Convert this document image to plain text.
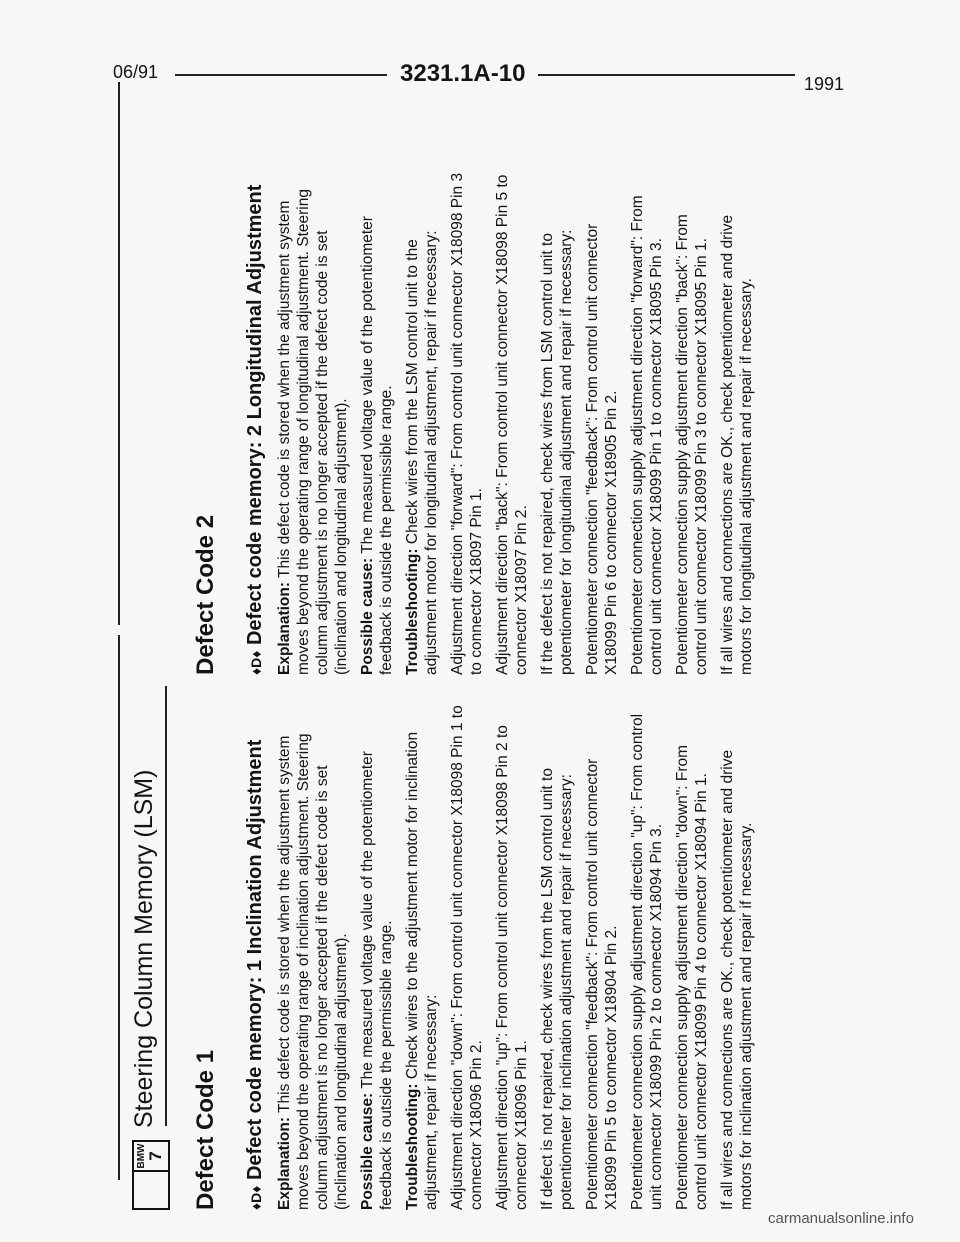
06/91	3231.1A-10	1991
BMW 7
Steering Column Memory (LSM)
Defect Code 1 ♦D♦ Defect code memory: 1 Inclination Adjustment Explanation: This defect code is stored when the adjustment system moves beyond the operating range of inclination adjustment. Steering column adjustment is no longer accepted if the defect code is set (inclination and longitudinal adjustment). Possible cause: The measured voltage value of the potentiometer feedback is outside the permissible range. Troubleshooting: Check wires to the adjustment motor for inclination adjustment, repair if necessary: Adjustment direction "down": From control unit connector X18098 Pin 1 to connector X18096 Pin 2. Adjustment direction "up": From control unit connector X18098 Pin 2 to connector X18096 Pin 1. If defect is not repaired, check wires from the LSM control unit to potentiometer for inclination adjustment and repair if necessary: Potentiometer connection "feedback": From control unit connector X18099 Pin 5 to connector X18904 Pin 2. Potentiometer connection supply adjustment direction "up": From control unit connector X18099 Pin 2 to connector X18094 Pin 3. Potentiometer connection supply adjustment direction "down": From control unit connector X18099 Pin 4 to connector X18094 Pin 1. If all wires and connections are OK., check potentiometer and drive motors for inclination adjustment and repair if necessary.

Defect Code 2 ♦D♦ Defect code memory: 2 Longitudinal Adjustment Explanation: This defect code is stored when the adjustment system moves beyond the operating range of longitudinal adjustment. Steering column adjustment is no longer accepted if the defect code is set (inclination and longitudinal adjustment). Possible cause: The measured voltage value of the potentiometer feedback is outside the permissible range. Troubleshooting: Check wires from the LSM control unit to the adjustment motor for longitudinal adjustment, repair if necessary: Adjustment direction "forward": From control unit connector X18098 Pin 3 to connector X18097 Pin 1. Adjustment direction "back": From control unit connector X18098 Pin 5 to connector X18097 Pin 2. If the defect is not repaired, check wires from LSM control unit to potentiometer for longitudinal adjustment and repair if necessary: Potentiometer connection "feedback": From control unit connector X18099 Pin 6 to connector X18905 Pin 2. Potentiometer connection supply adjustment direction "forward": From control unit connector X18099 Pin 1 to connector X18095 Pin 3. Potentiometer connection supply adjustment direction "back": From control unit connector X18099 Pin 3 to connector X18095 Pin 1. If all wires and connections are OK., check potentiometer and drive motors for longitudinal adjustment and repair if necessary.

carmanualsonline.info
